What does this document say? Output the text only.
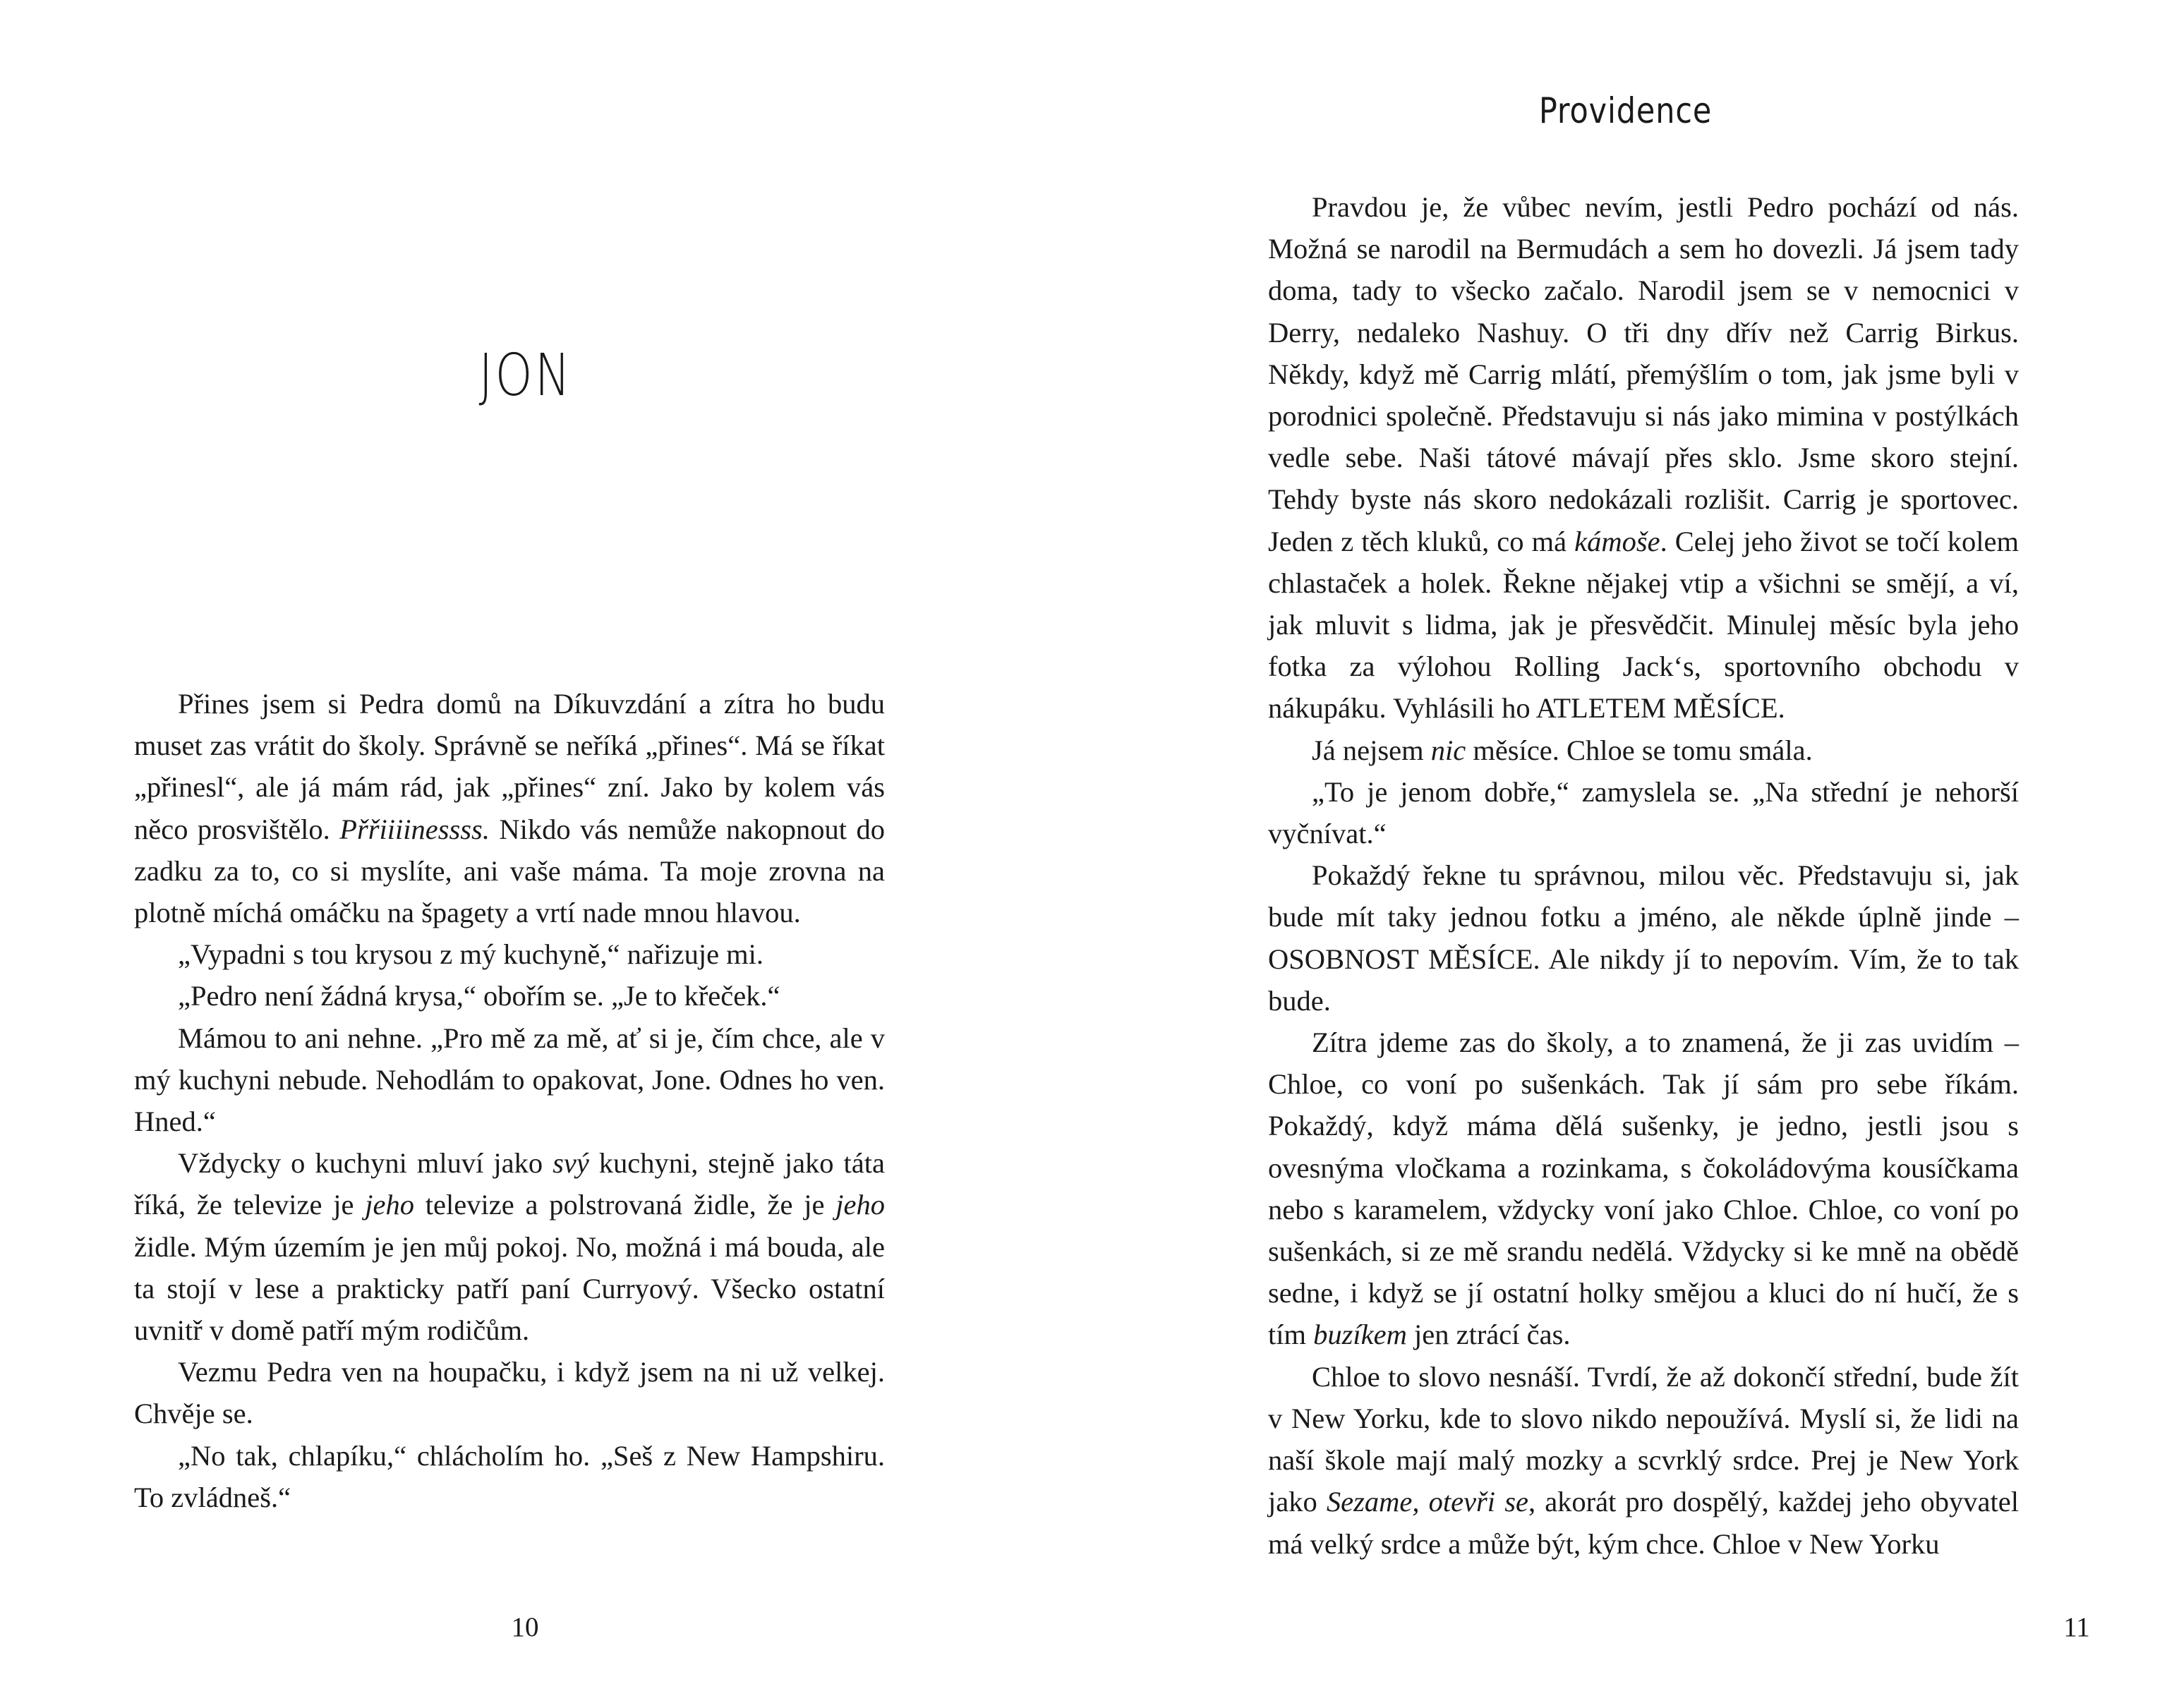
JON

Přines jsem si Pedra domů na Díkuvzdání a zítra ho budu muset zas vrátit do školy. Správně se neříká „přines“. Má se říkat „přinesl“, ale já mám rád, jak „přines“ zní. Jako by kolem vás něco prosvištělo. Přřiiiinessss. Nikdo vás nemůže nakopnout do zadku za to, co si myslíte, ani vaše máma. Ta moje zrovna na plotně míchá omáčku na špagety a vrtí nade mnou hlavou.

„Vypadni s tou krysou z mý kuchyně,“ nařizuje mi.

„Pedro není žádná krysa,“ obořím se. „Je to křeček.“

Mámou to ani nehne. „Pro mě za mě, ať si je, čím chce, ale v mý kuchyni nebude. Nehodlám to opakovat, Jone. Odnes ho ven. Hned.“

Vždycky o kuchyni mluví jako svý kuchyni, stejně jako táta říká, že televize je jeho televize a polstrovaná židle, že je jeho židle. Mým územím je jen můj pokoj. No, možná i má bouda, ale ta stojí v lese a prakticky patří paní Curryový. Všecko ostatní uvnitř v domě patří mým rodičům.

Vezmu Pedra ven na houpačku, i když jsem na ni už velkej. Chvěje se.

„No tak, chlapíku,“ chlácholím ho. „Seš z New Hampshiru. To zvládneš.“

10
Providence

Pravdou je, že vůbec nevím, jestli Pedro pochází od nás. Možná se narodil na Bermudách a sem ho dovezli. Já jsem tady doma, tady to všecko začalo. Narodil jsem se v nemocnici v Derry, nedaleko Nashuy. O tři dny dřív než Carrig Birkus. Někdy, když mě Carrig mlátí, přemýšlím o tom, jak jsme byli v porodnici společně. Představuju si nás jako mimina v postýlkách vedle sebe. Naši tátové mávají přes sklo. Jsme skoro stejní. Tehdy byste nás skoro nedokázali rozlišit. Carrig je sportovec. Jeden z těch kluků, co má kámoše. Celej jeho život se točí kolem chlastaček a holek. Řekne nějakej vtip a všichni se smějí, a ví, jak mluvit s lidma, jak je přesvědčit. Minulej měsíc byla jeho fotka za výlohou Rolling Jack‘s, sportovního obchodu v nákupáku. Vyhlásili ho ATLETEM MĚSÍCE.

Já nejsem nic měsíce. Chloe se tomu smála.

„To je jenom dobře,“ zamyslela se. „Na střední je nehorší vyčnívat.“

Pokaždý řekne tu správnou, milou věc. Představuju si, jak bude mít taky jednou fotku a jméno, ale někde úplně jinde – OSOBNOST MĚSÍCE. Ale nikdy jí to nepovím. Vím, že to tak bude.

Zítra jdeme zas do školy, a to znamená, že ji zas uvidím – Chloe, co voní po sušenkách. Tak jí sám pro sebe říkám. Pokaždý, když máma dělá sušenky, je jedno, jestli jsou s ovesnýma vločkama a rozinkama, s čokoládovýma kousíčkama nebo s karamelem, vždycky voní jako Chloe. Chloe, co voní po sušenkách, si ze mě srandu nedělá. Vždycky si ke mně na obědě sedne, i když se jí ostatní holky smějou a kluci do ní hučí, že s tím buzíkem jen ztrácí čas.

Chloe to slovo nesnáší. Tvrdí, že až dokončí střední, bude žít v New Yorku, kde to slovo nikdo nepoužívá. Myslí si, že lidi na naší škole mají malý mozky a scvrklý srdce. Prej je New York jako Sezame, otevři se, akorát pro dospělý, každej jeho obyvatel má velký srdce a může být, kým chce. Chloe v New Yorku

11
